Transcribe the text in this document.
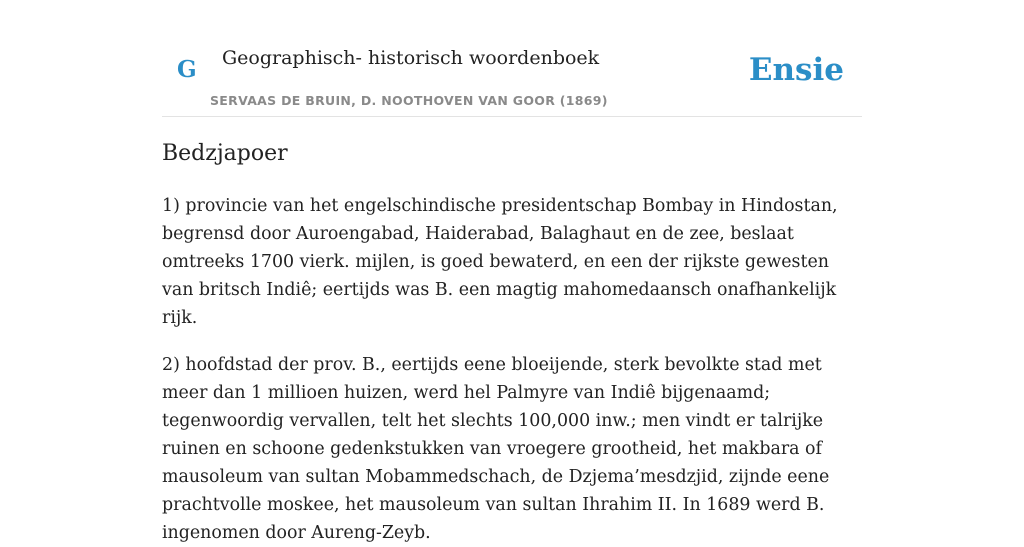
G Geographisch- historisch woordenboek
SERVAAS DE BRUIN, D. NOOTHOVEN VAN GOOR (1869)
Ensie
Bedzjapoer

1) provincie van het engelschindische presidentschap Bombay in Hindostan, begrensd door Auroengabad, Haiderabad, Balaghaut en de zee, beslaat omtreeks 1700 vierk. mijlen, is goed bewaterd, en een der rijkste gewesten van britsch Indiê; eertijds was B. een magtig mahomedaansch onafhankelijk rijk.

2) hoofdstad der prov. B., eertijds eene bloeijende, sterk bevolkte stad met meer dan 1 millioen huizen, werd hel Palmyre van Indiê bijgenaamd; tegenwoordig vervallen, telt het slechts 100,000 inw.; men vindt er talrijke ruinen en schoone gedenkstukken van vroegere grootheid, het makbara of mausoleum van sultan Mobammedschach, de Dzjema’mesdzjid, zijnde eene prachtvolle moskee, het mausoleum van sultan Ihrahim II. In 1689 werd B. ingenomen door Aureng-Zeyb.
